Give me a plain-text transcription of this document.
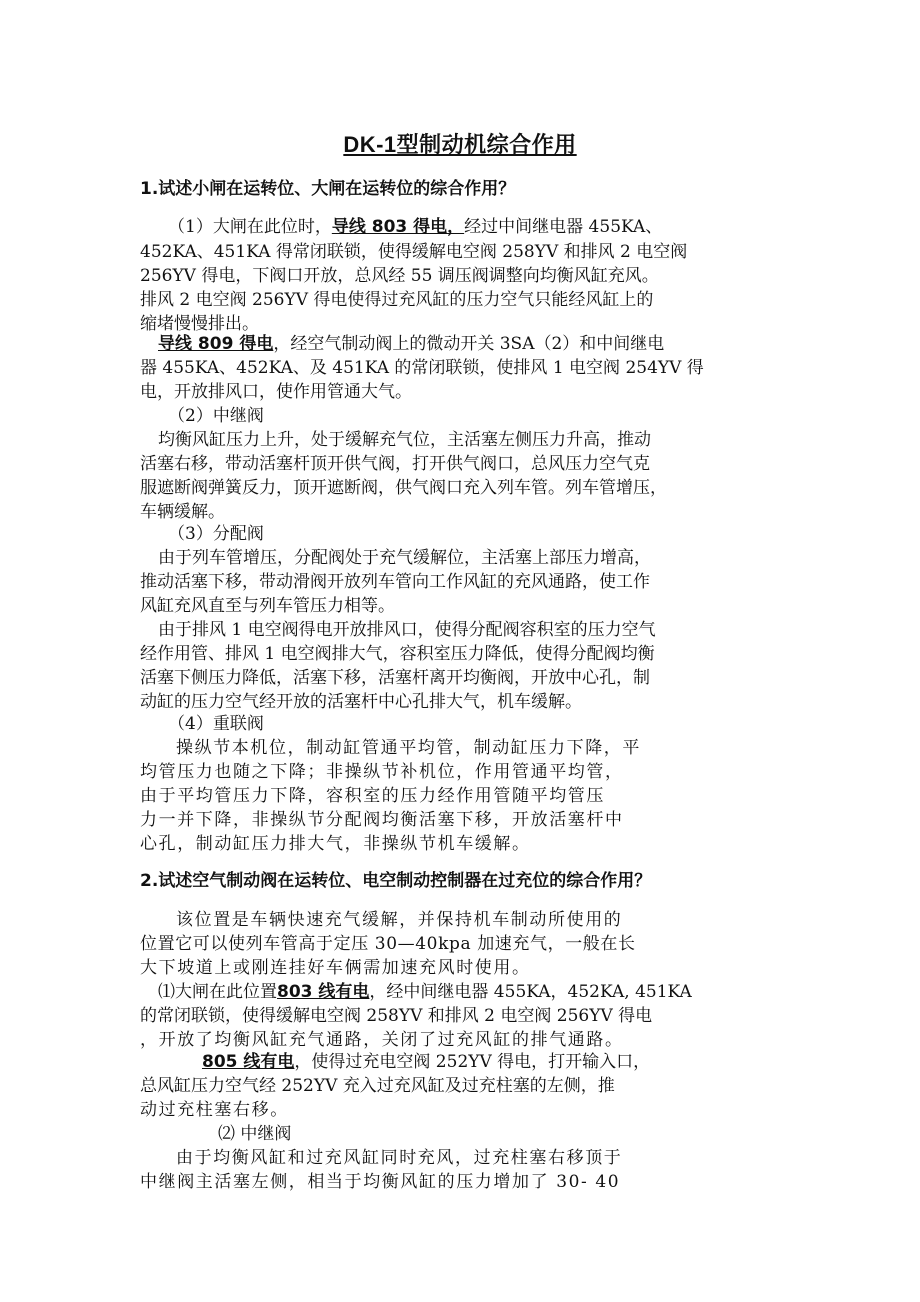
DK-1型制动机综合作用
1.试述小闸在运转位、大闸在运转位的综合作用？
（1）大闸在此位时，导线 803 得电，经过中间继电器 455KA、
452KA、451KA 得常闭联锁，使得缓解电空阀 258YV 和排风 2 电空阀
256YV 得电，下阀口开放，总风经 55 调压阀调整向均衡风缸充风。
排风 2 电空阀 256YV 得电使得过充风缸的压力空气只能经风缸上的
缩堵慢慢排出。
导线 809 得电，经空气制动阀上的微动开关 3SA（2）和中间继电
器 455KA、452KA、及 451KA 的常闭联锁，使排风 1 电空阀 254YV 得
电，开放排风口，使作用管通大气。
（2）中继阀
均衡风缸压力上升，处于缓解充气位，主活塞左侧压力升高，推动
活塞右移，带动活塞杆顶开供气阀，打开供气阀口，总风压力空气克
服遮断阀弹簧反力，顶开遮断阀，供气阀口充入列车管。列车管增压，
车辆缓解。
（3）分配阀
由于列车管增压，分配阀处于充气缓解位，主活塞上部压力增高，
推动活塞下移，带动滑阀开放列车管向工作风缸的充风通路，使工作
风缸充风直至与列车管压力相等。
由于排风 1 电空阀得电开放排风口，使得分配阀容积室的压力空气
经作用管、排风 1 电空阀排大气，容积室压力降低，使得分配阀均衡
活塞下侧压力降低，活塞下移，活塞杆离开均衡阀，开放中心孔，制
动缸的压力空气经开放的活塞杆中心孔排大气，机车缓解。
（4）重联阀
操纵节本机位，制动缸管通平均管，制动缸压力下降，平
均管压力也随之下降；非操纵节补机位，作用管通平均管，
由于平均管压力下降，容积室的压力经作用管随平均管压
力一并下降，非操纵节分配阀均衡活塞下移，开放活塞杆中
心孔，制动缸压力排大气，非操纵节机车缓解。
2.试述空气制动阀在运转位、电空制动控制器在过充位的综合作用？
该位置是车辆快速充气缓解，并保持机车制动所使用的
位置它可以使列车管高于定压 30—40kpa 加速充气，一般在长
大下坡道上或刚连挂好车俩需加速充风时使用。
⑴大闸在此位置803 线有电，经中间继电器 455KA，452KA, 451KA
的常闭联锁，使得缓解电空阀 258YV 和排风 2 电空阀 256YV 得电
，开放了均衡风缸充气通路，关闭了过充风缸的排气通路。
805 线有电，使得过充电空阀 252YV 得电，打开输入口，
总风缸压力空气经 252YV 充入过充风缸及过充柱塞的左侧，推
动过充柱塞右移。
⑵ 中继阀
由于均衡风缸和过充风缸同时充风，过充柱塞右移顶于
中继阀主活塞左侧，相当于均衡风缸的压力增加了 30- 40
